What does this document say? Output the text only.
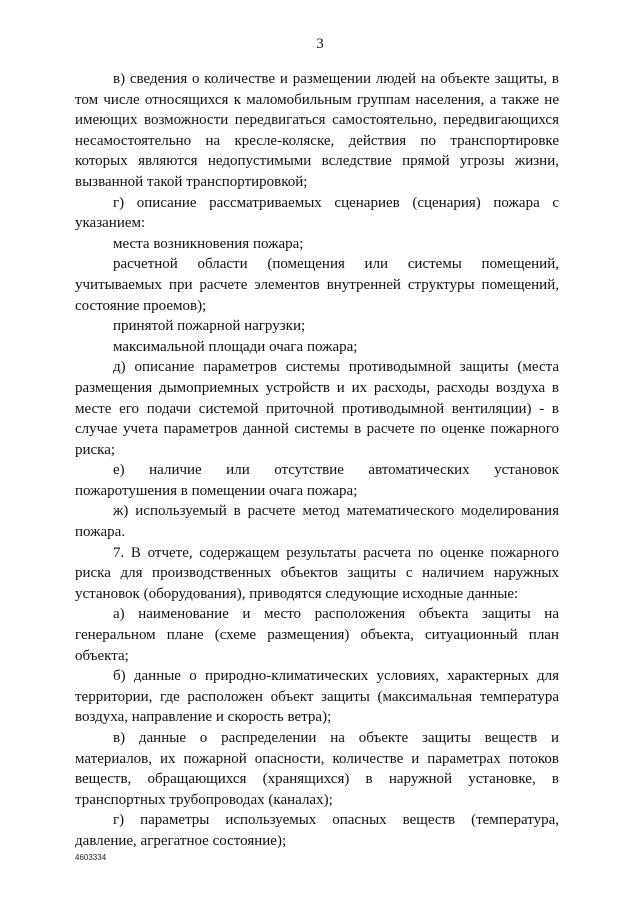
3

в) сведения о количестве и размещении людей на объекте защиты, в том числе относящихся к маломобильным группам населения, а также не имеющих возможности передвигаться самостоятельно, передвигающихся несамостоятельно на кресле-коляске, действия по транспортировке которых являются недопустимыми вследствие прямой угрозы жизни, вызванной такой транспортировкой;

г) описание рассматриваемых сценариев (сценария) пожара с указанием:

места возникновения пожара;

расчетной области (помещения или системы помещений, учитываемых при расчете элементов внутренней структуры помещений, состояние проемов);

принятой пожарной нагрузки;

максимальной площади очага пожара;

д) описание параметров системы противодымной защиты (места размещения дымоприемных устройств и их расходы, расходы воздуха в месте его подачи системой приточной противодымной вентиляции) - в случае учета параметров данной системы в расчете по оценке пожарного риска;

е) наличие или отсутствие автоматических установок пожаротушения в помещении очага пожара;

ж) используемый в расчете метод математического моделирования пожара.

7. В отчете, содержащем результаты расчета по оценке пожарного риска для производственных объектов защиты с наличием наружных установок (оборудования), приводятся следующие исходные данные:

а) наименование и место расположения объекта защиты на генеральном плане (схеме размещения) объекта, ситуационный план объекта;

б) данные о природно-климатических условиях, характерных для территории, где расположен объект защиты (максимальная температура воздуха, направление и скорость ветра);

в) данные о распределении на объекте защиты веществ и материалов, их пожарной опасности, количестве и параметрах потоков веществ, обращающихся (хранящихся) в наружной установке, в транспортных трубопроводах (каналах);

г) параметры используемых опасных веществ (температура, давление, агрегатное состояние);

4603334
